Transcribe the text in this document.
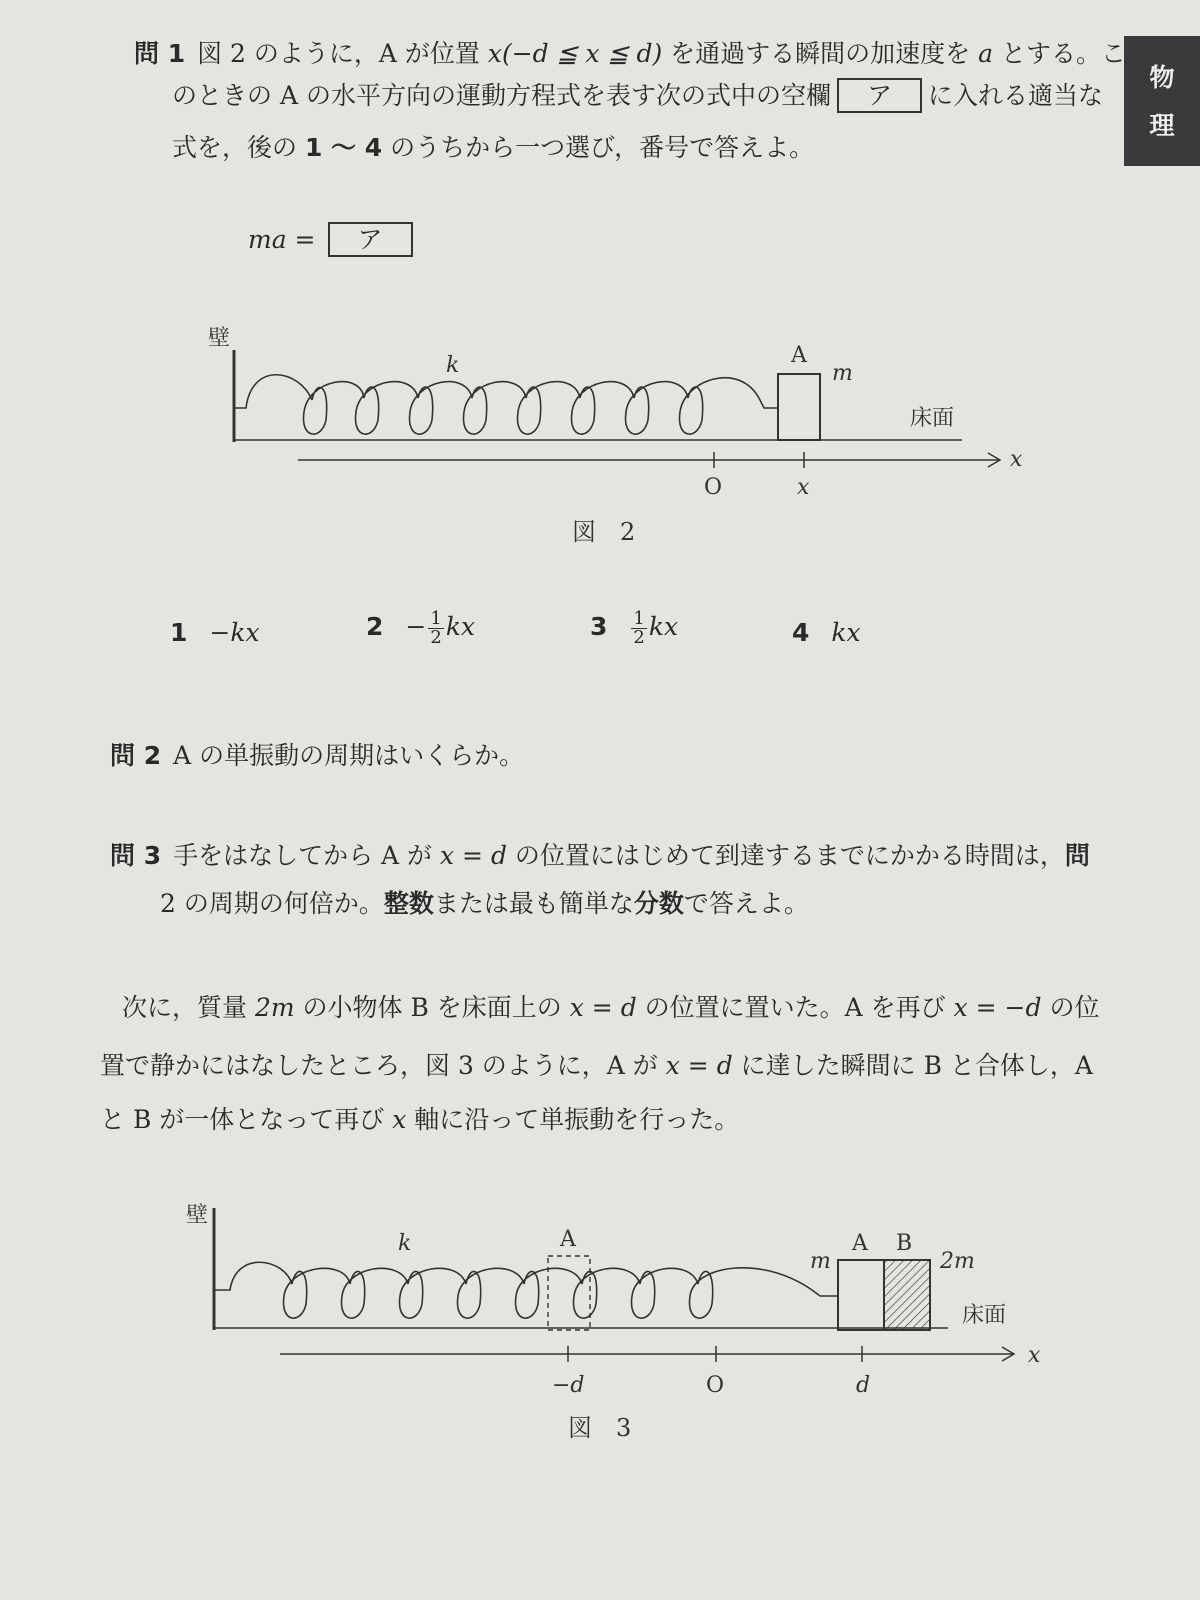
物
理
問 1 図 2 のように，A が位置 x(−d ≦ x ≦ d) を通過する瞬間の加速度を a とする。こ
のときの A の水平方向の運動方程式を表す次の式中の空欄 ア に入れる適当な
式を，後の 1 〜 4 のうちから一つ選び，番号で答えよ。
ma = ア
壁
床面
k	A
m
x
O	x
図　2
壁
床面
k	A	A B
m	2m
x
−d	O	d
図　3
1 −kx	$2 - \frac{1}{2}$ kx	$3 \frac{1}{2}$ kx	4 kx
問 2 A の単振動の周期はいくらか。
問 3 手をはなしてから A が x = d の位置にはじめて到達するまでにかかる時間は，問
2 の周期の何倍か。整数または最も簡単な分数で答えよ。
次に，質量 2m の小物体 B を床面上の x = d の位置に置いた。A を再び x = −d の位
置で静かにはなしたところ，図 3 のように，A が x = d に達した瞬間に B と合体し，A
と B が一体となって再び x 軸に沿って単振動を行った。
